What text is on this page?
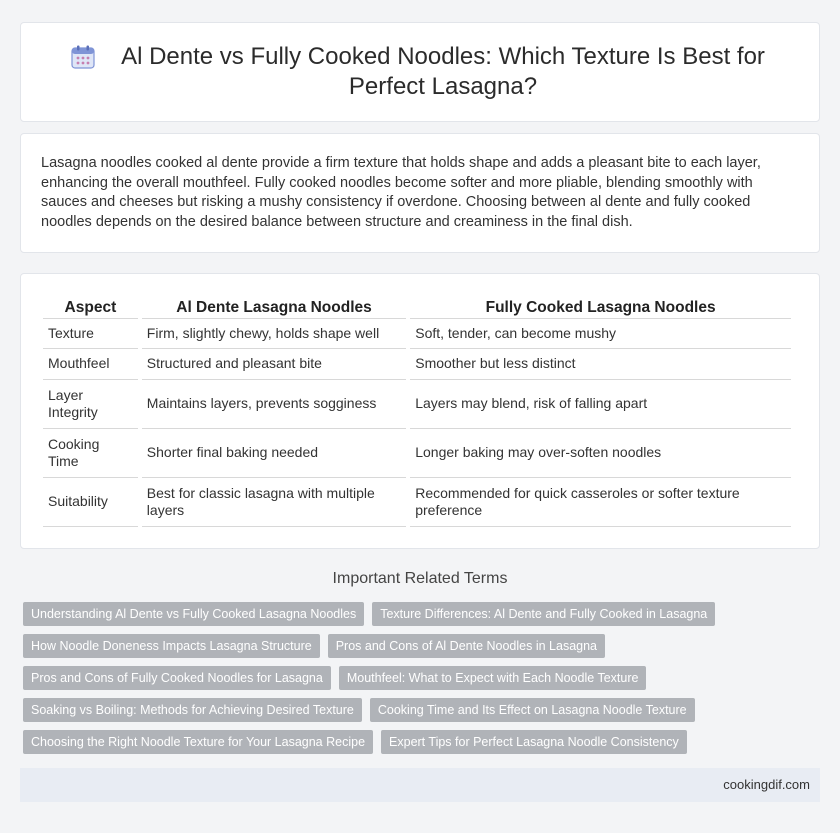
Al Dente vs Fully Cooked Noodles: Which Texture Is Best for Perfect Lasagna?

Lasagna noodles cooked al dente provide a firm texture that holds shape and adds a pleasant bite to each layer, enhancing the overall mouthfeel. Fully cooked noodles become softer and more pliable, blending smoothly with sauces and cheeses but risking a mushy consistency if overdone. Choosing between al dente and fully cooked noodles depends on the desired balance between structure and creaminess in the final dish.

Aspect	Al Dente Lasagna Noodles	Fully Cooked Lasagna Noodles
Texture	Firm, slightly chewy, holds shape well	Soft, tender, can become mushy
Mouthfeel	Structured and pleasant bite	Smoother but less distinct
Layer Integrity	Maintains layers, prevents sogginess	Layers may blend, risk of falling apart
Cooking Time	Shorter final baking needed	Longer baking may over-soften noodles
Suitability	Best for classic lasagna with multiple layers	Recommended for quick casseroles or softer texture preference
Important Related Terms
Understanding Al Dente vs Fully Cooked Lasagna Noodles	Texture Differences: Al Dente and Fully Cooked in Lasagna
How Noodle Doneness Impacts Lasagna Structure	Pros and Cons of Al Dente Noodles in Lasagna
Pros and Cons of Fully Cooked Noodles for Lasagna	Mouthfeel: What to Expect with Each Noodle Texture
Soaking vs Boiling: Methods for Achieving Desired Texture	Cooking Time and Its Effect on Lasagna Noodle Texture
Choosing the Right Noodle Texture for Your Lasagna Recipe	Expert Tips for Perfect Lasagna Noodle Consistency
cookingdif.com
